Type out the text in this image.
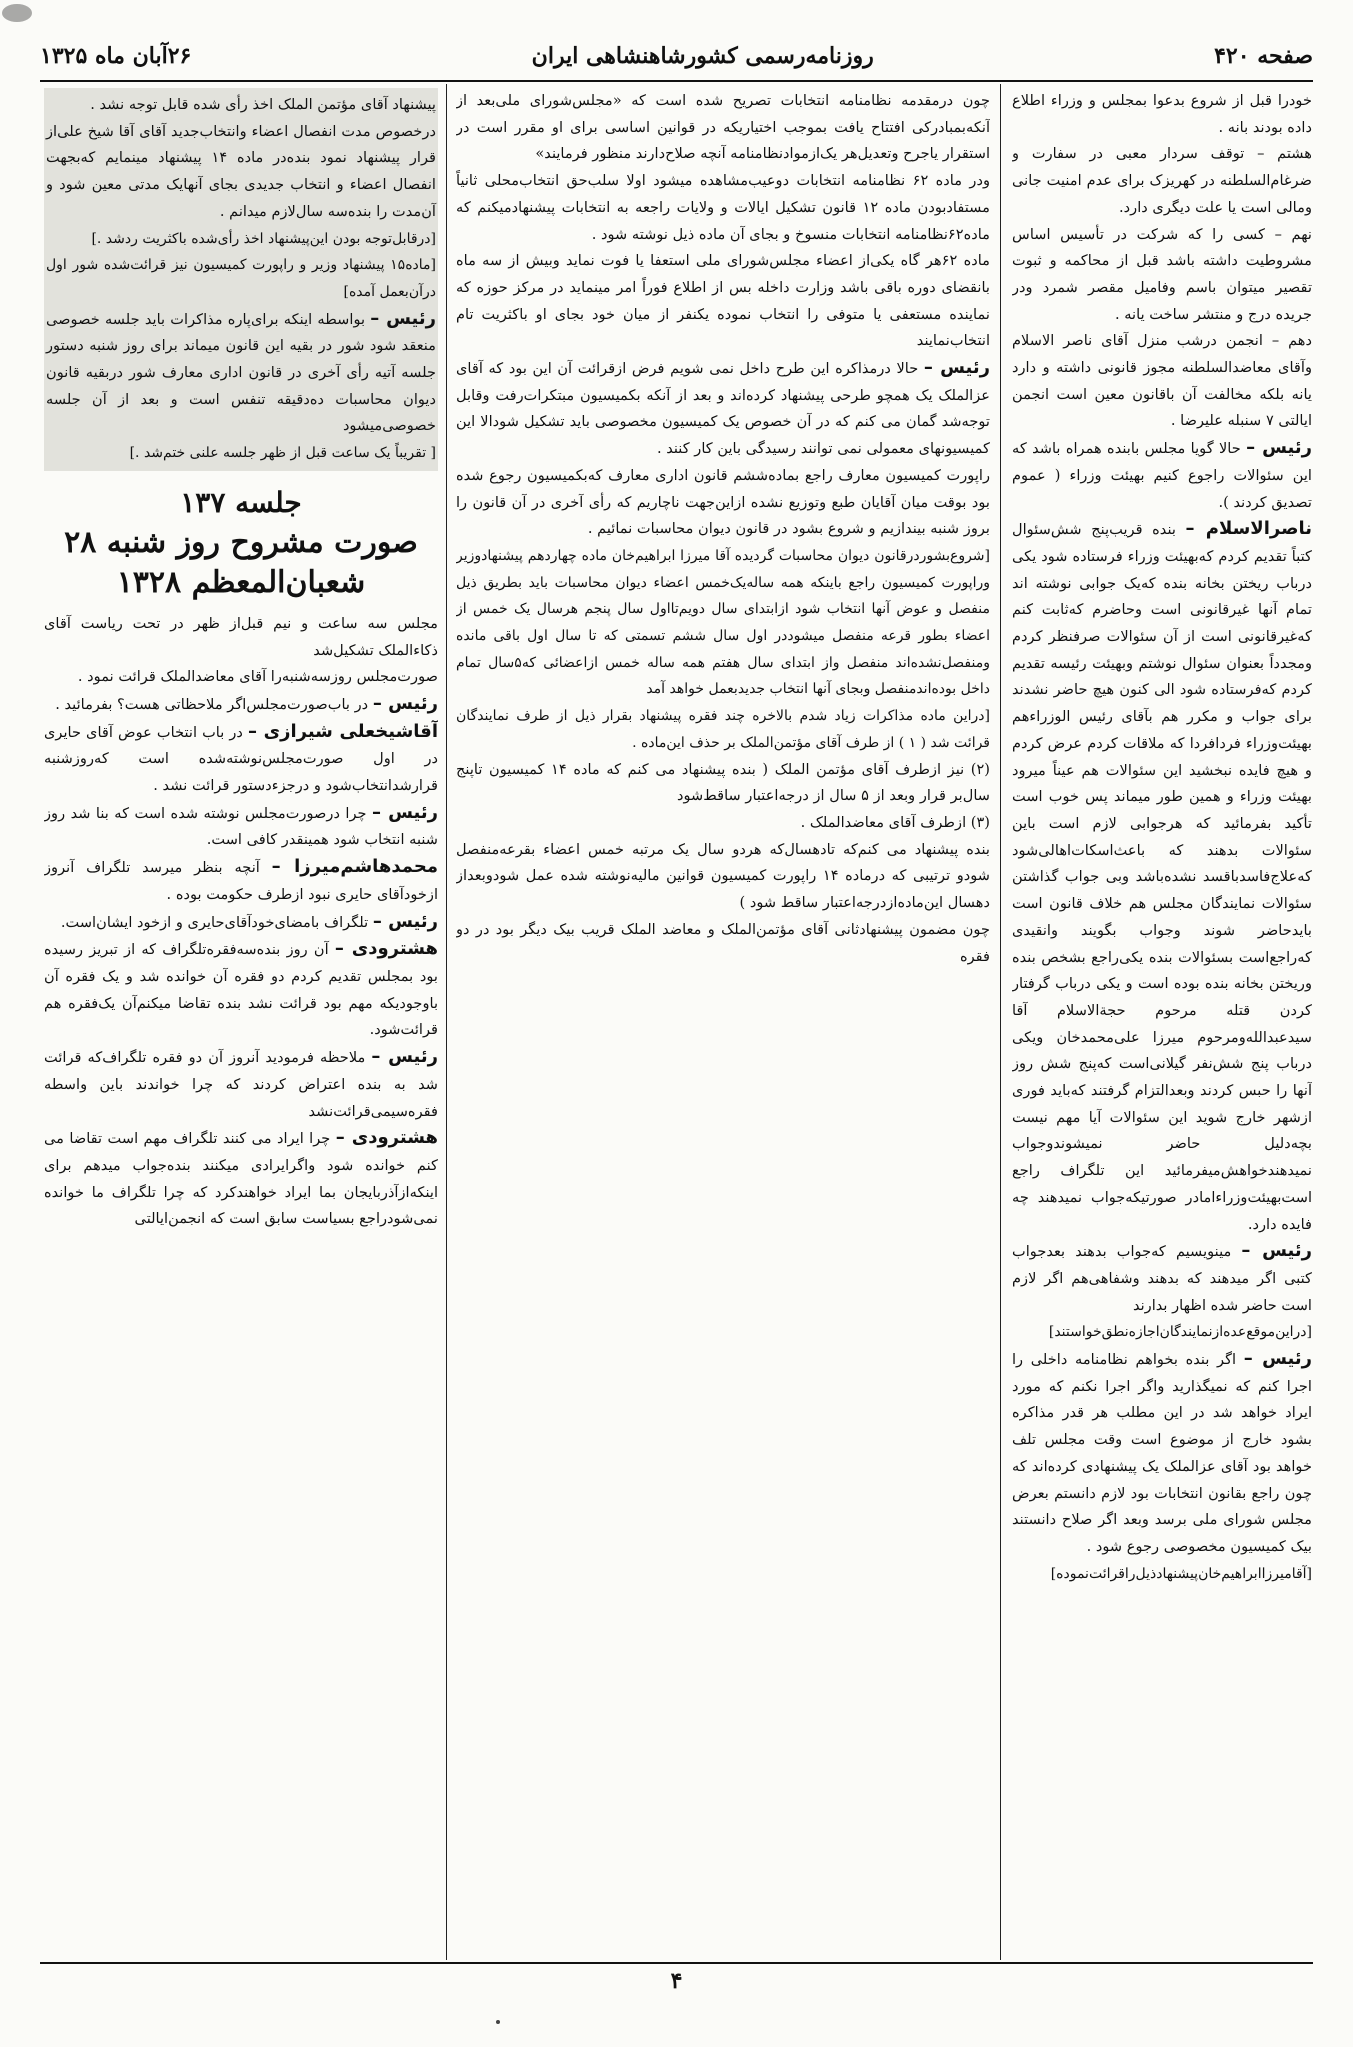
صفحه ۴۲۰
روزنامه‌رسمی کشورشاهنشاهی ایران
۲۶آبان ماه ۱۳۲۵

خودرا قبل از شروع بدعوا بمجلس و وزراء اطلاع داده بودند بانه .

هشتم – توقف سردار معبی در سفارت و ضرغام‌السلطنه در کهریزک بر‌ای عدم امنیت جانی ومالی است یا علت دیگری دارد.

نهم – کسی را که شرکت در تأسیس اساس مشروطیت داشته باشد قبل از محاکمه و ثبوت تقصیر میتوان باسم وفامیل مقصر شمرد ودر جریده درج و منتشر ساخت یانه .

دهم – انجمن درشب منزل آقای ناصر الاسلام وآقای معاضدالسلطنه مجوز قانونی داشته و دارد یانه بلکه مخالفت آن باقانون معین است انجمن ایالتی ۷ سنبله علیرضا .

رئیس – حالا گویا مجلس بابنده همراه باشد که این سئوالات راجوع کنیم بهیئت وزراء ( عموم تصدیق کردند ).

ناصرالاسلام – بنده قریب‌پنج شش‌سئوال کتباً تقدیم کردم که‌بهیئت وزراء فرستاده شود یکی درباب ریختن بخانه بنده که‌یک جوابی نوشته اند تمام آنها غیرقانونی است وحاضرم که‌ثابت کنم که‌غیرقانونی است از آن سئوالات صرفنظر کردم ومجدداً بعنوان سئوال نوشتم وبهیئت رئیسه تقدیم کردم که‌فرستاده شود الی کنون هیچ حاضر نشدند برای جواب و مکرر هم بآقای رئیس الوزراءهم بهیئت‌وزراء فردافردا که ملاقات کردم عرض کردم و هیچ فایده نبخشید این سئوالات هم عیناً میرود بهیئت وزراء و همین طور میماند پس خوب است تأکید بفرمائید که هرجوابی لازم است باین سئوالات بدهند که باعث‌اسکات‌اهالی‌شود که‌علاج‌فاسد‌باقسد نشده‌باشد وبی جواب گذاشتن سئوالات نمایندگان مجلس هم خلاف قانون است بایدحاضر شوند وجواب بگویند وانقیدی که‌راجع‌است بسئوالات بنده یکی‌راجع بشخص بنده وریختن بخانه بنده بوده است و یکی درباب گرفتار کردن قتله مرحوم حجةالاسلام آقا سیدعبدالله‌ومرحوم میرزا علی‌محمدخان ویکی درباب پنج شش‌نفر گیلانی‌است که‌پنج شش روز آنها را حبس کردند وبعدالتزام گرفتند که‌باید فوری ازشهر خارج شوید این سئوالات آیا مهم نیست بچه‌دلیل حاضر نمیشوندوجواب نمیدهندخواهش‌میفرمائید این تلگراف راجع است‌بهیئت‌وزراءامادر صورتیکه‌جواب نمیدهند چه فایده دارد.

رئیس – مینویسیم که‌جواب بدهند بعدجواب کتبی اگر میدهند که بدهند وشفاهی‌هم اگر لازم است حاضر شده اظهار بدارند

[دراین‌موقع‌عده‌ازنمایندگان‌اجازه‌نطق‌خواستند]

رئیس – اگر بنده بخواهم نظامنامه داخلی را اجرا کنم که نمیگذارید واگر اجرا نکنم که مورد ایراد خواهد شد در این مطلب هر قدر مذاکره بشود خارج از موضوع است وقت مجلس تلف خواهد بود آقای عزالملک یک پیشنهادی کرده‌اند که چون راجع بقانون انتخابات بود لازم دانستم بعرض مجلس شورای ملی برسد وبعد اگر صلاح دانستند بیک کمیسیون مخصوصی رجوع شود .

[آقامیرزاابراهیم‌خان‌پیشنهادذیل‌راقرائت‌نموده]

چون درمقدمه نظامنامه انتخابات تصریح شده است که «مجلس‌شورای ملی‌بعد از آنکه‌بمبادرکی افتتاح یافت بموجب اختیاریکه در قوانین اساسی برای او مقرر است در استقرار یاجرح وتعدیل‌هر یک‌ازموادنظامنامه آنچه صلاح‌دارند منظور فرمایند»

ودر ماده ۶۲ نظامنامه انتخابات دوعیب‌مشاهده میشود اولا سلب‌حق انتخاب‌محلی ثانیاً مستفادبودن ماده ۱۲ قانون تشکیل ایالات و ولایات راجعه به انتخابات پیشنهادمیکنم که ماده۶۲نظامنامه انتخابات منسوخ و بجای آن ماده ذیل نوشته شود .

ماده ۶۲هر گاه یکی‌از اعضاء مجلس‌شورای ملی استعفا یا فوت نماید وبیش از سه ماه بانقضای دوره باقی باشد وزارت داخله بس از اطلاع فوراً امر مینماید در مرکز حوزه که نماینده مستعفی یا متوفی را انتخاب نموده یکنفر از میان خود بجای او باکثریت تام انتخاب‌نمایند

رئیس – حالا درمذاکره این طرح داخل نمی شویم فرض ازقرائت آن این بود که آقای عزالملک یک همچو طرحی پیشنهاد کرده‌اند و بعد از آنکه بکمیسیون مبتکرات‌رفت وقابل توجه‌شد گمان می کنم که در آن خصوص یک کمیسیون مخصوصی باید تشکیل شود‌الا این کمیسیونهای معمولی نمی توانند رسیدگی باین کار کنند .

راپورت کمیسیون معارف راجع بماده‌ششم قانون اداری معارف که‌بکمیسیون رجوع شده بود بوقت میان آقایان طبع وتوزیع نشده ازاین‌جهت ناچاریم که رأی آخری در آن قانون را بروز شنبه بیندازیم و شروع بشود در قانون دیوان محاسبات نمائیم .

[شروع‌بشوردرقانون دیوان محاسبات گردیده آقا میرزا ابراهیم‌خان ماده چهاردهم پیشنهادوزیر وراپورت کمیسیون راجع باینکه همه ساله‌یک‌خمس اعضاء دیوان محاسبات باید بطریق ذیل منفصل و عوض آنها انتخاب شود ازابتدای سال دویم‌تااول سال پنجم هرسال یک خمس از اعضاء بطور قرعه منفصل میشوددر اول سال ششم تسمتی که تا سال اول باقی مانده ومنفصل‌نشده‌اند منفصل واز ابتدای سال هفتم همه ساله خمس ازاعضائی که۵سال تمام داخل بوده‌اندمنفصل وبجای آنها انتخاب جدیدبعمل خواهد آمد

[دراین ماده مذاکرات زیاد شدم بالاخره چند فقره پیشنهاد بقرار ذیل از طرف نمایندگان قرائت شد ( ۱ ) از طرف آقای مؤتمن‌الملک بر حذف این‌ماده .

(۲) نیز ازطرف آقای مؤتمن الملک ( بنده پیشنهاد می کنم که ماده ۱۴ کمیسیون تاپنج سال‌بر قرار وبعد از ۵ سال از درجه‌اعتبار ساقط‌شود

(۳) ازطرف آقای معاضدالملک .

بنده پیشنهاد می کنم‌که تادهسال‌که هردو سال یک مرتبه خمس اعضاء بقرعه‌منفصل شودو ترتیبی که درماده ۱۴ راپورت کمیسیون قوانین مالیه‌نوشته شده عمل شودوبعداز دهسال این‌ماده‌ازدرجه‌اعتبار ساقط شود )

چون مضمون پیشنهادثانی آقای مؤتمن‌الملک و معاضد الملک قریب بیک دیگر بود در دو فقره

پیشنهاد آقای مؤتمن الملک اخذ رأی شده قابل توجه نشد .

درخصوص مدت انفصال اعضاء وانتخاب‌جدید آقای آقا شیخ علی‌از قرار پیشنهاد نمود بنده‌در ماده ۱۴ پیشنهاد مینمایم که‌بجهت انفصال اعضاء و انتخاب جدیدی بجای آنهایک مدتی معین شود و آن‌مدت را بنده‌سه سال‌لازم میدانم .

[درقابل‌توجه بودن این‌پیشنهاد اخذ رأی‌شده باکثریت ردشد .]

[ماده۱۵ پیشنهاد وزیر و راپورت کمیسیون نیز قرائت‌شده شور اول درآن‌بعمل آمده]

رئیس – بواسطه اینکه برای‌پاره مذاکرات باید جلسه خصوصی منعقد شود شور در بقیه این قانون میماند برای روز شنبه دستور جلسه آتیه رأی آخری در قانون اداری معارف شور دربقیه قانون دیوان محاسبات ده‌دقیقه تنفس است و بعد از آن جلسه خصوصی‌میشود

[ تقریباً یک ساعت قبل از ظهر جلسه علنی ختم‌شد .]

جلسه ۱۳۷
صورت مشروح روز شنبه ۲۸
شعبان‌المعظم ۱۳۲۸

مجلس سه ساعت و نیم قبل‌از ظهر در تحت ریاست آقای ذکاءالملک تشکیل‌شد

صورت‌مجلس روزسه‌شنبه‌را آقای معاضدالملک قرائت نمود .

رئیس – در باب‌صورت‌مجلس‌اگر ملاحظاتی هست؟ بفرمائید .

آقاشیخعلی شیرازی – در باب انتخاب عوض آقای حایری در اول صورت‌مجلس‌نوشته‌شده است که‌روزشنبه قرارشد‌انتخاب‌شود و درجزءدستور قرائت نشد .

رئیس – چرا درصورت‌مجلس نوشته شده است که بنا شد روز شنبه انتخاب شود همینقدر کافی است.

محمدهاشم‌میرزا – آنچه بنظر میرسد تلگراف آنروز ازخودآقای حایری نبود ازطرف حکومت بوده .

رئیس – تلگراف بامضای‌خودآقای‌حایری و ازخود ایشان‌است.

هشترودی – آن روز بنده‌سه‌فقره‌تلگراف که از تبریز رسیده بود بمجلس تقدیم کردم دو فقره آن خوانده شد و یک فقره آن باوجودیکه مهم بود قرائت نشد بنده تقاضا میکنم‌آن یک‌فقره هم قرائت‌شود.

رئیس – ملاحظه فرمودید آنروز آن دو فقره تلگراف‌که قرائت شد به بنده اعتراض کردند که چرا خواندند باین واسطه فقره‌سیمی‌قرائت‌نشد

هشترودی – چرا ایراد می کنند تلگراف مهم است تقاضا می کنم خوانده شود واگرایرادی میکنند بنده‌جواب میدهم برای اینکه‌ازآذربایجان بما ایراد خواهند‌کرد که چرا تلگراف ما خوانده نمی‌شودراجع بسیاست سابق است که انجمن‌ایالتی

۴
